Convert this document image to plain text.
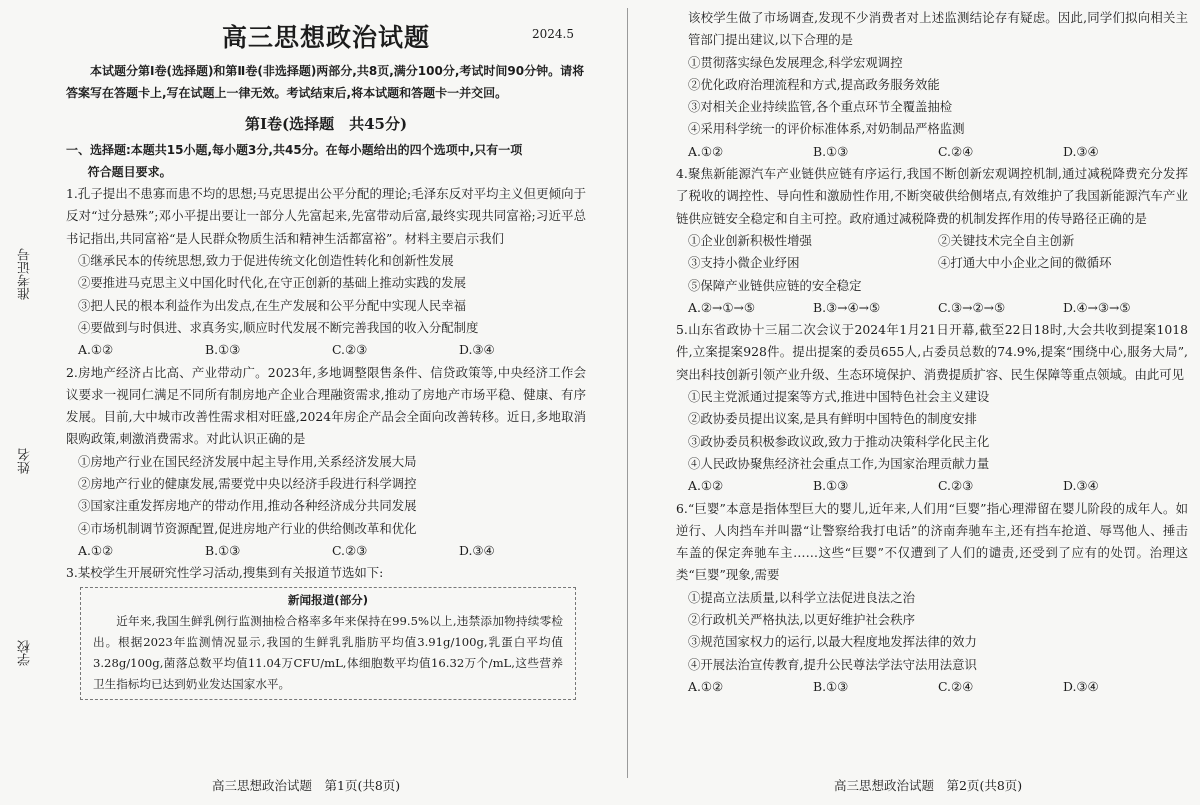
准考证号
姓名
学校
高三思想政治试题	2024.5
本试题分第Ⅰ卷(选择题)和第Ⅱ卷(非选择题)两部分,共8页,满分100分,考试时间90分钟。请将答案写在答题卡上,写在试题上一律无效。考试结束后,将本试题和答题卡一并交回。
第Ⅰ卷(选择题　共45分)
一、选择题:本题共15小题,每小题3分,共45分。在每小题给出的四个选项中,只有一项
符合题目要求。
1.孔子提出不患寡而患不均的思想;马克思提出公平分配的理论;毛泽东反对平均主义但更倾向于反对“过分悬殊”;邓小平提出要让一部分人先富起来,先富带动后富,最终实现共同富裕;习近平总书记指出,共同富裕“是人民群众物质生活和精神生活都富裕”。材料主要启示我们
①继承民本的传统思想,致力于促进传统文化创造性转化和创新性发展
②要推进马克思主义中国化时代化,在守正创新的基础上推动实践的发展
③把人民的根本利益作为出发点,在生产发展和公平分配中实现人民幸福
④要做到与时俱进、求真务实,顺应时代发展不断完善我国的收入分配制度
A.①②	B.①③	C.②③	D.③④
2.房地产经济占比高、产业带动广。2023年,多地调整限售条件、信贷政策等,中央经济工作会议要求一视同仁满足不同所有制房地产企业合理融资需求,推动了房地产市场平稳、健康、有序发展。目前,大中城市改善性需求相对旺盛,2024年房企产品会全面向改善转移。近日,多地取消限购政策,刺激消费需求。对此认识正确的是
①房地产行业在国民经济发展中起主导作用,关系经济发展大局
②房地产行业的健康发展,需要党中央以经济手段进行科学调控
③国家注重发挥房地产的带动作用,推动各种经济成分共同发展
④市场机制调节资源配置,促进房地产行业的供给侧改革和优化
A.①②	B.①③	C.②③	D.③④
3.某校学生开展研究性学习活动,搜集到有关报道节选如下:
新闻报道(部分)

近年来,我国生鲜乳例行监测抽检合格率多年来保持在99.5%以上,违禁添加物持续零检出。根据2023年监测情况显示,我国的生鲜乳乳脂肪平均值3.91g/100g,乳蛋白平均值3.28g/100g,菌落总数平均值11.04万CFU/mL,体细胞数平均值16.32万个/mL,这些营养卫生指标均已达到奶业发达国家水平。

高三思想政治试题　第1页(共8页)
该校学生做了市场调查,发现不少消费者对上述监测结论存有疑虑。因此,同学们拟向相关主管部门提出建议,以下合理的是
①贯彻落实绿色发展理念,科学宏观调控
②优化政府治理流程和方式,提高政务服务效能
③对相关企业持续监管,各个重点环节全覆盖抽检
④采用科学统一的评价标准体系,对奶制品严格监测
A.①②	B.①③	C.②④	D.③④
4.聚焦新能源汽车产业链供应链有序运行,我国不断创新宏观调控机制,通过减税降费充分发挥了税收的调控性、导向性和激励性作用,不断突破供给侧堵点,有效维护了我国新能源汽车产业链供应链安全稳定和自主可控。政府通过减税降费的机制发挥作用的传导路径正确的是
①企业创新积极性增强	②关键技术完全自主创新
③支持小微企业纾困	④打通大中小企业之间的微循环
⑤保障产业链供应链的安全稳定
A.②→①→⑤	B.③→④→⑤	C.③→②→⑤	D.④→③→⑤
5.山东省政协十三届二次会议于2024年1月21日开幕,截至22日18时,大会共收到提案1018件,立案提案928件。提出提案的委员655人,占委员总数的74.9%,提案“围绕中心,服务大局”,突出科技创新引领产业升级、生态环境保护、消费提质扩容、民生保障等重点领域。由此可见
①民主党派通过提案等方式,推进中国特色社会主义建设
②政协委员提出议案,是具有鲜明中国特色的制度安排
③政协委员积极参政议政,致力于推动决策科学化民主化
④人民政协聚焦经济社会重点工作,为国家治理贡献力量
A.①②	B.①③	C.②③	D.③④
6.“巨婴”本意是指体型巨大的婴儿,近年来,人们用“巨婴”指心理滞留在婴儿阶段的成年人。如逆行、人肉挡车并叫嚣“让警察给我打电话”的济南奔驰车主,还有挡车抢道、辱骂他人、捶击车盖的保定奔驰车主……这些“巨婴”不仅遭到了人们的谴责,还受到了应有的处罚。治理这类“巨婴”现象,需要
①提高立法质量,以科学立法促进良法之治
②行政机关严格执法,以更好维护社会秩序
③规范国家权力的运行,以最大程度地发挥法律的效力
④开展法治宣传教育,提升公民尊法学法守法用法意识
A.①②	B.①③	C.②④	D.③④
高三思想政治试题　第2页(共8页)
